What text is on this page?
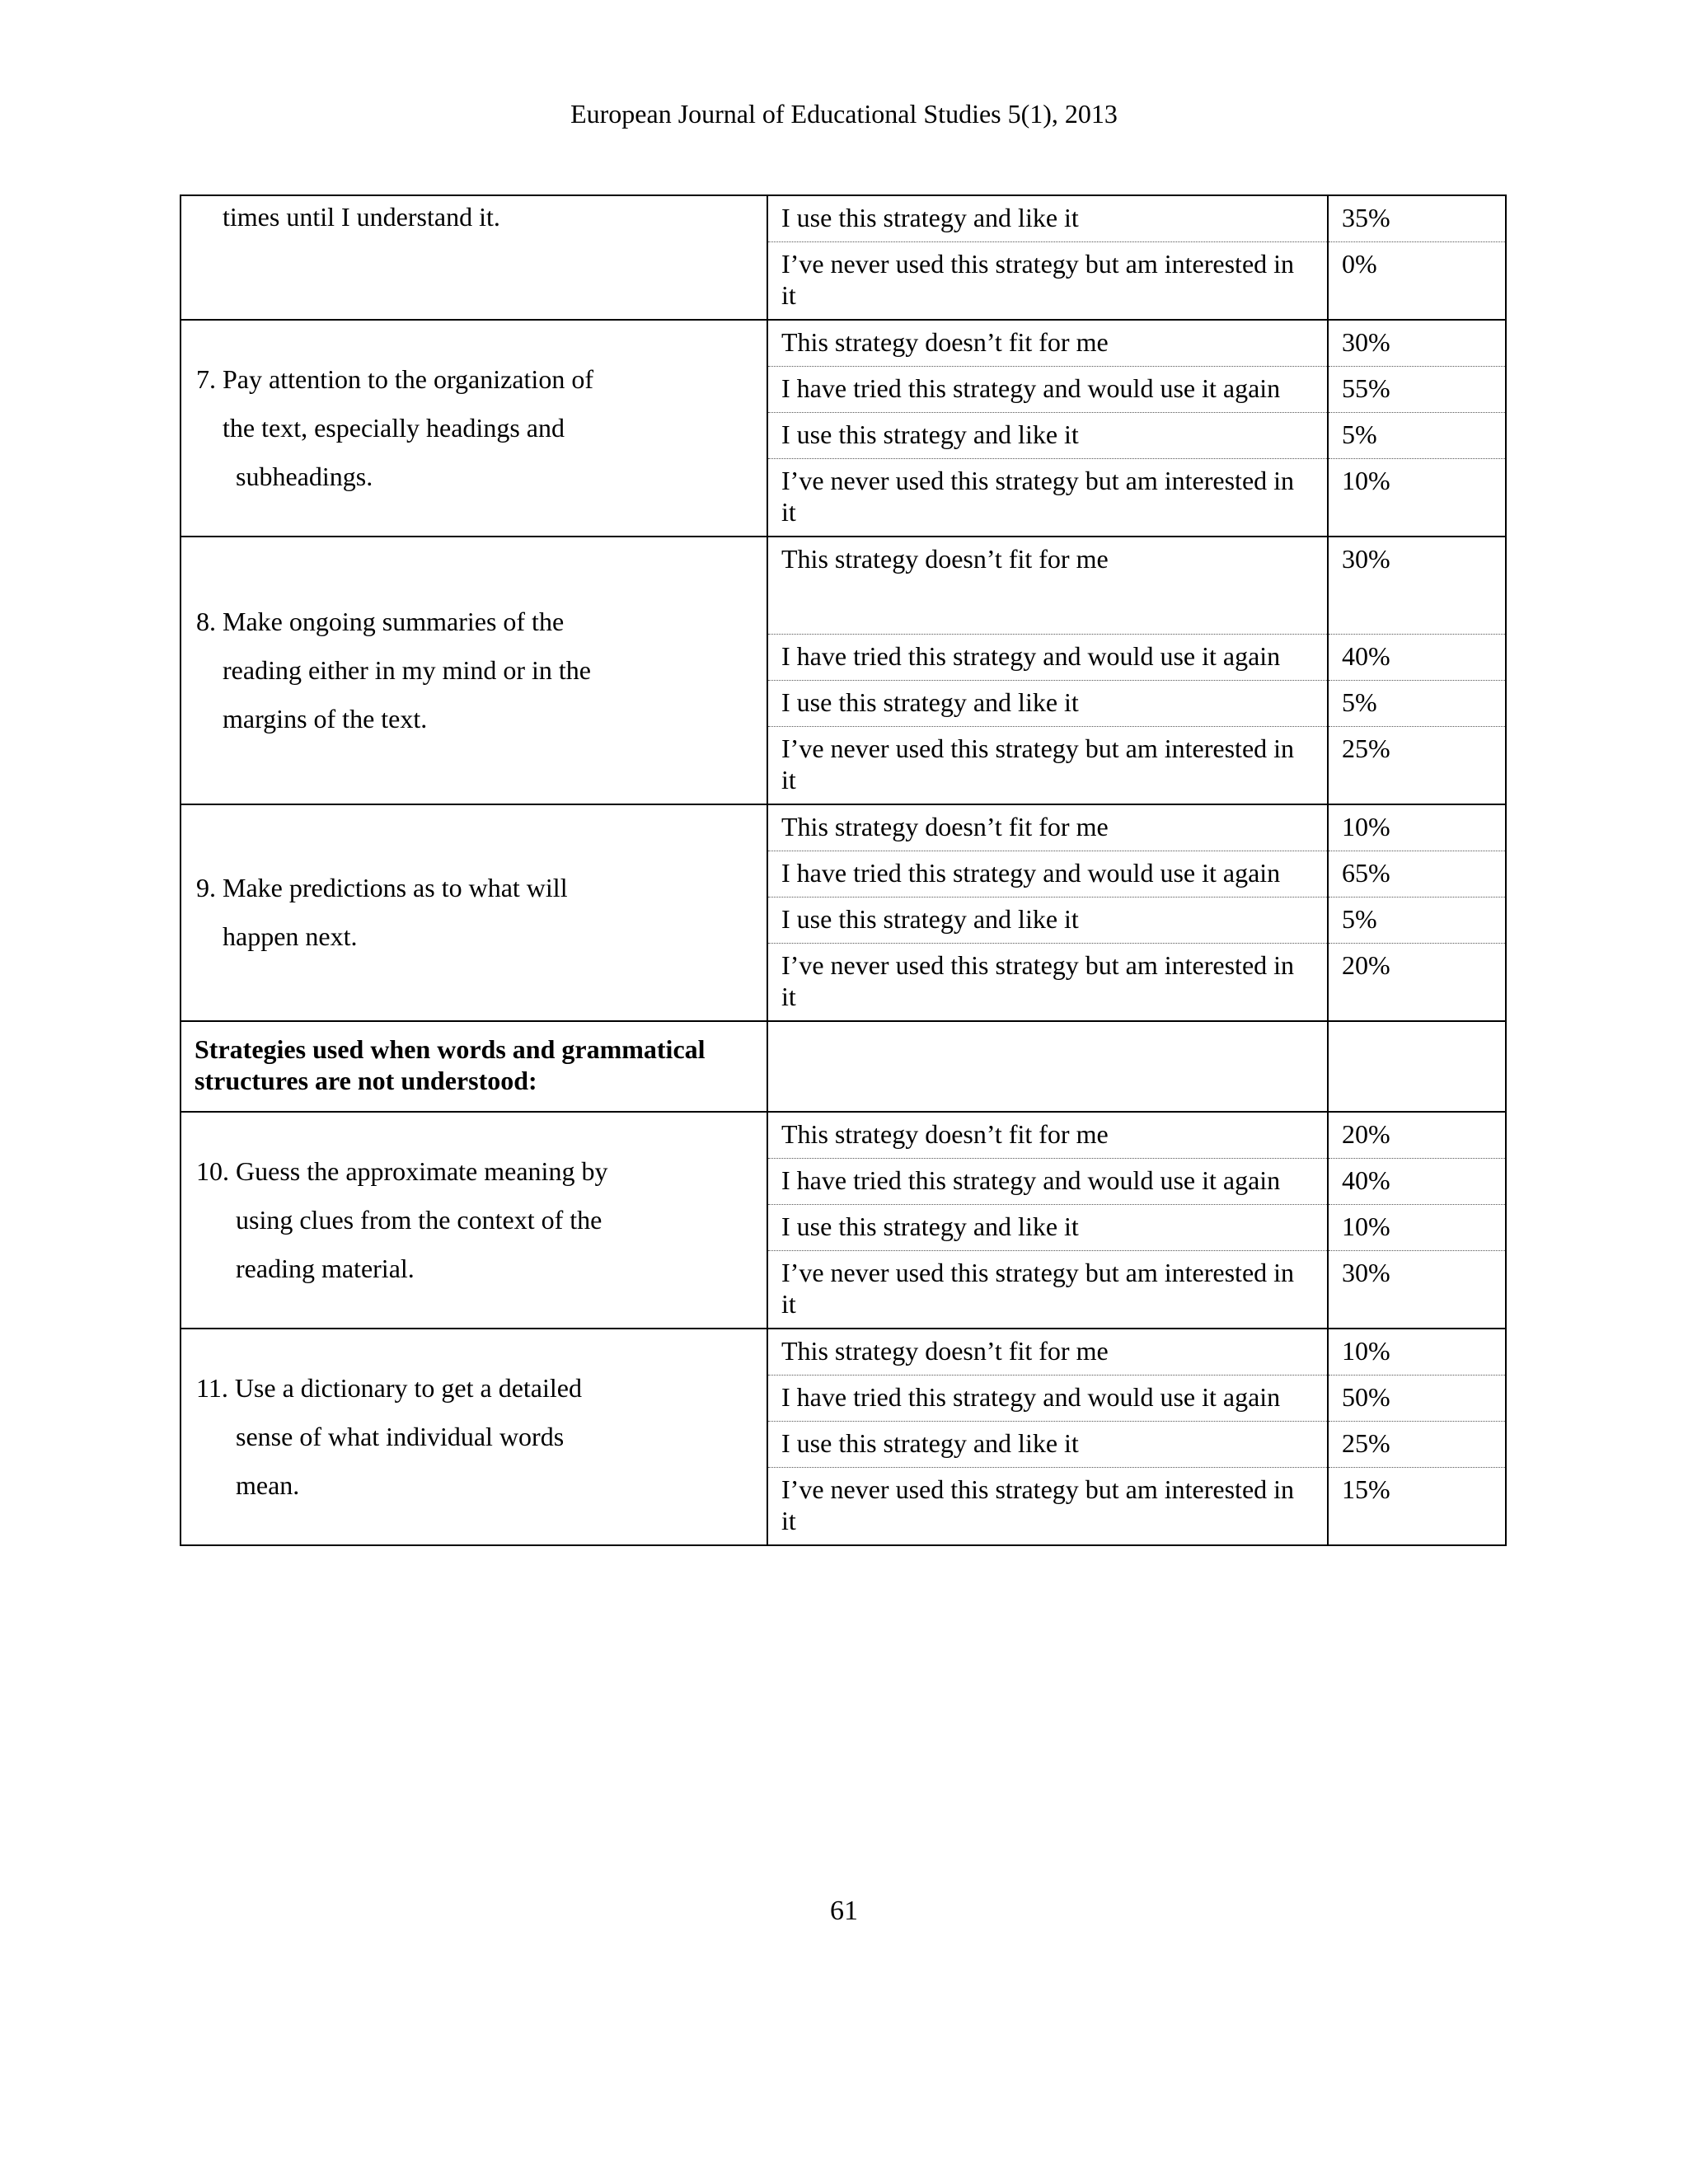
European Journal of Educational Studies 5(1), 2013
times until I understand it.	I use this strategy and like it	35%
	I’ve never used this strategy but am interested in it	0%

7. Pay attention to the organization of
the text, especially headings and
subheadings.	This strategy doesn’t fit for me	30%
	I have tried this strategy and would use it again	55%
	I use this strategy and like it	5%
	I’ve never used this strategy but am interested in it	10%

8. Make ongoing summaries of the
reading either in my mind or in the
margins of the text.	This strategy doesn’t fit for me	30%
	I have tried this strategy and would use it again	40%
	I use this strategy and like it	5%
	I’ve never used this strategy but am interested in it	25%

9. Make predictions as to what will
happen next.	This strategy doesn’t fit for me	10%
	I have tried this strategy and would use it again	65%
	I use this strategy and like it	5%
	I’ve never used this strategy but am interested in it	20%
Strategies used when words and grammatical structures are not understood:		

10. Guess the approximate meaning by
using clues from the context of the
reading material.	This strategy doesn’t fit for me	20%
	I have tried this strategy and would use it again	40%
	I use this strategy and like it	10%
	I’ve never used this strategy but am interested in it	30%

11. Use a dictionary to get a detailed
sense of what individual words
mean.	This strategy doesn’t fit for me	10%
	I have tried this strategy and would use it again	50%
	I use this strategy and like it	25%
	I’ve never used this strategy but am interested in it	15%
61
